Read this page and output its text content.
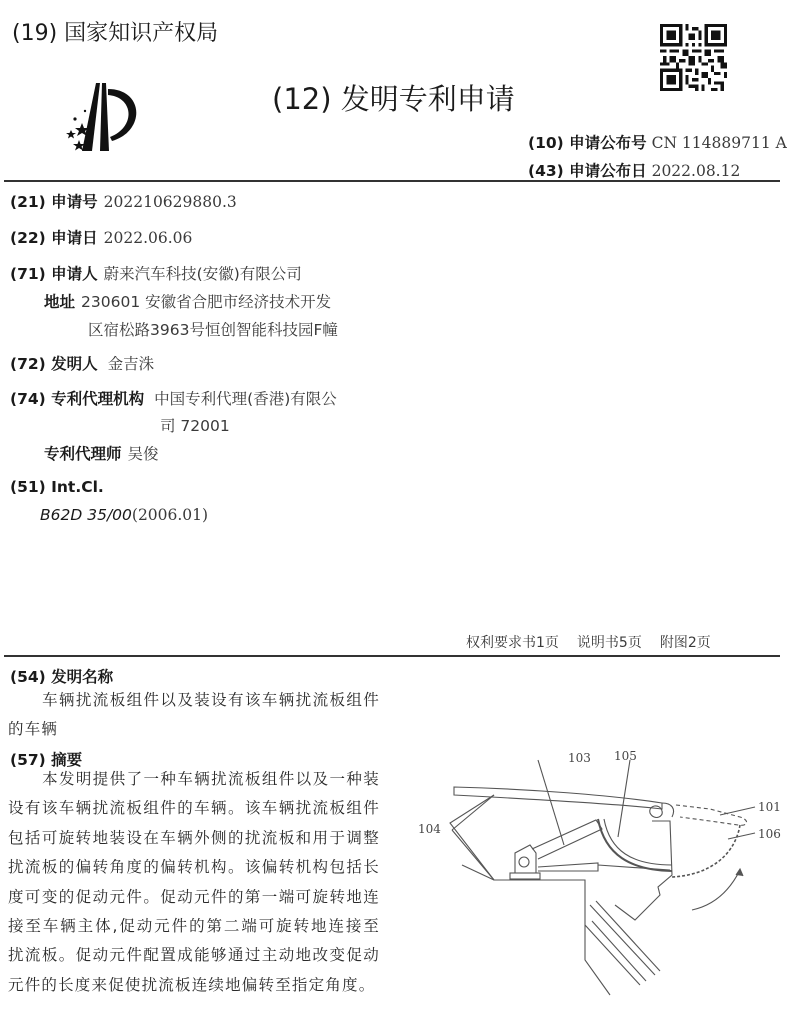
(19) 国家知识产权局
(12) 发明专利申请
(10) 申请公布号 CN 114889711 A
(43) 申请公布日 2022.08.12
(21) 申请号 202210629880.3
(22) 申请日 2022.06.06
(71) 申请人 蔚来汽车科技(安徽)有限公司
地址 230601 安徽省合肥市经济技术开发
区宿松路3963号恒创智能科技园F幢
(72) 发明人 金吉洙
(74) 专利代理机构 中国专利代理(香港)有限公
司 72001
专利代理师 吴俊
(51) Int.Cl.
B62D 35/00(2006.01)
权利要求书1页 说明书5页 附图2页
(54) 发明名称
车辆扰流板组件以及装设有该车辆扰流板组件的车辆
(57) 摘要
本发明提供了一种车辆扰流板组件以及一种装设有该车辆扰流板组件的车辆。该车辆扰流板组件包括可旋转地装设在车辆外侧的扰流板和用于调整扰流板的偏转角度的偏转机构。该偏转机构包括长度可变的促动元件。促动元件的第一端可旋转地连接至车辆主体,促动元件的第二端可旋转地连接至扰流板。促动元件配置成能够通过主动地改变促动元件的长度来促使扰流板连续地偏转至指定角度。
103 105
101
104	106
